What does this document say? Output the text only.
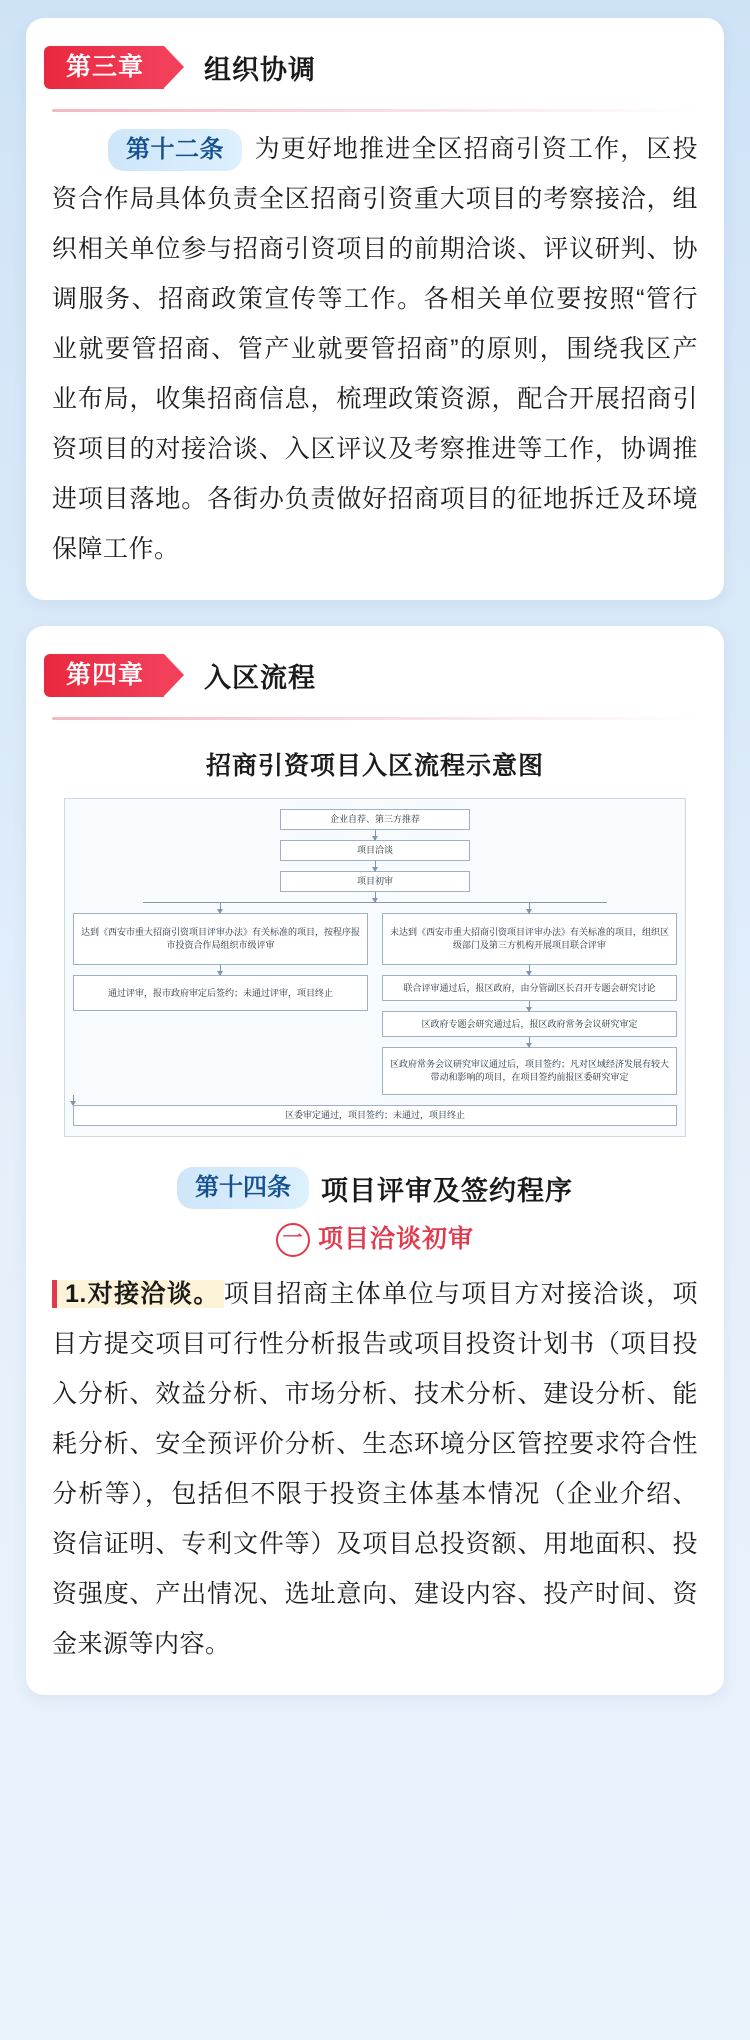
第三章	组织协调

第十二条 为更好地推进全区招商引资工作，区投资合作局具体负责全区招商引资重大项目的考察接洽，组织相关单位参与招商引资项目的前期洽谈、评议研判、协调服务、招商政策宣传等工作。各相关单位要按照“管行业就要管招商、管产业就要管招商”的原则，围绕我区产业布局，收集招商信息，梳理政策资源，配合开展招商引资项目的对接洽谈、入区评议及考察推进等工作，协调推进项目落地。各街办负责做好招商项目的征地拆迁及环境保障工作。

第四章	入区流程
招商引资项目入区流程示意图
企业自荐、第三方推荐
项目洽谈
项目初审
达到《西安市重大招商引资项目评审办法》有关标准的项目，按程序报市投资合作局组织市级评审
通过评审，报市政府审定后签约；未通过评审，项目终止
未达到《西安市重大招商引资项目评审办法》有关标准的项目，组织区级部门及第三方机构开展项目联合评审
联合评审通过后，报区政府，由分管副区长召开专题会研究讨论
区政府专题会研究通过后，报区政府常务会议研究审定
区政府常务会议研究审议通过后，项目签约；凡对区域经济发展有较大带动和影响的项目，在项目签约前报区委研究审定
区委审定通过，项目签约；未通过，项目终止
第十四条	项目评审及签约程序
一 项目洽谈初审

1.对接洽谈。 项目招商主体单位与项目方对接洽谈，项目方提交项目可行性分析报告或项目投资计划书（项目投入分析、效益分析、市场分析、技术分析、建设分析、能耗分析、安全预评价分析、生态环境分区管控要求符合性分析等），包括但不限于投资主体基本情况（企业介绍、资信证明、专利文件等）及项目总投资额、用地面积、投资强度、产出情况、选址意向、建设内容、投产时间、资金来源等内容。
